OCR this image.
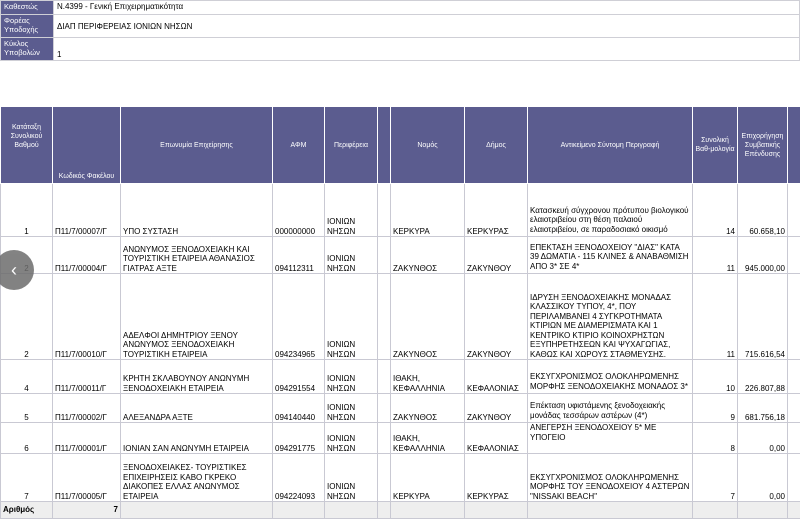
Καθεστώς	Ν.4399 - Γενική Επιχειρηματικότητα
Φορέας Υποδοχής	ΔΙΑΠ ΠΕΡΙΦΕΡΕΙΑΣ ΙΟΝΙΩΝ ΝΗΣΩΝ
Κύκλος Υποβολών	1
Κατάταξη Συνολικού Βαθμού	Κωδικός Φακέλου	Επωνυμία Επιχείρησης	ΑΦΜ	Περιφέρεια		Νομός	Δήμος	Αντικείμενο Σύντομη Περιγραφή	Συνολική Βαθ-μολογία	Επιχορήγηση Συμβατικής Επένδυσης	
1	Π11/7/00007/Γ	ΥΠΟ ΣΥΣΤΑΣΗ	000000000	ΙΟΝΙΩΝ ΝΗΣΩΝ		ΚΕΡΚΥΡΑ	ΚΕΡΚΥΡΑΣ	Κατασκευή σύγχρονου πρότυπου βιολογικού ελαιοτριβείου στη θέση παλαιού ελαιοτριβείου, σε παραδοσιακό οικισμό	14	60.658,10	
	Π11/7/00004/Γ	ΑΝΩΝΥΜΟΣ ΞΕΝΟΔΟΧΕΙΑΚΗ ΚΑΙ ΤΟΥΡΙΣΤΙΚΗ ΕΤΑΙΡΕΙΑ ΑΘΑΝΑΣΙΟΣ ΓΙΑΤΡΑΣ ΑΞΤΕ	094112311	ΙΟΝΙΩΝ ΝΗΣΩΝ		ΖΑΚΥΝΘΟΣ	ΖΑΚΥΝΘΟΥ	ΕΠΕΚΤΑΣΗ ΞΕΝΟΔΟΧΕΙΟΥ "ΔΙΑΣ" ΚΑΤΑ 39 ΔΩΜΑΤΙΑ - 115 ΚΛΙΝΕΣ & ΑΝΑΒΑΘΜΙΣΗ ΑΠΟ 3* ΣΕ 4*	11	945.000,00	
2	Π11/7/00010/Γ	ΑΔΕΛΦΟΙ ΔΗΜΗΤΡΙΟΥ ΞΕΝΟΥ ΑΝΩΝΥΜΟΣ ΞΕΝΟΔΟΧΕΙΑΚΗ ΤΟΥΡΙΣΤΙΚΗ ΕΤΑΙΡΕΙΑ	094234965	ΙΟΝΙΩΝ ΝΗΣΩΝ		ΖΑΚΥΝΘΟΣ	ΖΑΚΥΝΘΟΥ	ΙΔΡΥΣΗ ΞΕΝΟΔΟΧΕΙΑΚΗΣ ΜΟΝΑΔΑΣ ΚΛΑΣΣΙΚΟΥ ΤΥΠΟΥ, 4*, ΠΟΥ ΠΕΡΙΛΑΜΒΑΝΕΙ 4 ΣΥΓΚΡΟΤΗΜΑΤΑ ΚΤΙΡΙΩΝ ΜΕ ΔΙΑΜΕΡΙΣΜΑΤΑ ΚΑΙ 1 ΚΕΝΤΡΙΚΟ ΚΤΙΡΙΟ ΚΟΙΝΟΧΡΗΣΤΩΝ ΕΞΥΠΗΡΕΤΗΣΕΩΝ ΚΑΙ ΨΥΧΑΓΩΓΙΑΣ, ΚΑΘΩΣ ΚΑΙ ΧΩΡΟΥΣ ΣΤΑΘΜΕΥΣΗΣ.	11	715.616,54	
4	Π11/7/00011/Γ	ΚΡΗΤΗ ΣΚΛΑΒΟΥΝΟΥ ΑΝΩΝΥΜΗ ΞΕΝΟΔΟΧΕΙΑΚΗ ΕΤΑΙΡΕΙΑ	094291554	ΙΟΝΙΩΝ ΝΗΣΩΝ		ΙΘΑΚΗ, ΚΕΦΑΛΛΗΝΙΑ	ΚΕΦΑΛΟΝΙΑΣ	ΕΚΣΥΓΧΡΟΝΙΣΜΟΣ ΟΛΟΚΛΗΡΩΜΕΝΗΣ ΜΟΡΦΗΣ ΞΕΝΟΔΟΧΕΙΑΚΗΣ ΜΟΝΑΔΟΣ 3*	10	226.807,88	
5	Π11/7/00002/Γ	ΑΛΕΞΑΝΔΡΑ ΑΞΤΕ	094140440	ΙΟΝΙΩΝ ΝΗΣΩΝ		ΖΑΚΥΝΘΟΣ	ΖΑΚΥΝΘΟΥ	Επέκταση υφιστάμενης ξενοδοχειακής μονάδας τεσσάρων αστέρων (4*)	9	681.756,18	
6	Π11/7/00001/Γ	ΙΟΝΙΑΝ ΣΑΝ ΑΝΩΝΥΜΗ ΕΤΑΙΡΕΙΑ	094291775	ΙΟΝΙΩΝ ΝΗΣΩΝ		ΙΘΑΚΗ, ΚΕΦΑΛΛΗΝΙΑ	ΚΕΦΑΛΟΝΙΑΣ	ΑΝΕΓΕΡΣΗ ΞΕΝΟΔΟΧΕΙΟΥ 5* ΜΕ ΥΠΟΓΕΙΟ	8	0,00	
7	Π11/7/00005/Γ	ΞΕΝΟΔΟΧΕΙΑΚΕΣ- ΤΟΥΡΙΣΤΙΚΕΣ ΕΠΙΧΕΙΡΗΣΕΙΣ ΚΑΒΟ ΓΚΡΕΚΟ ΔΙΑΚΟΠΕΣ ΕΛΛΑΣ ΑΝΩΝΥΜΟΣ ΕΤΑΙΡΕΙΑ	094224093	ΙΟΝΙΩΝ ΝΗΣΩΝ		ΚΕΡΚΥΡΑ	ΚΕΡΚΥΡΑΣ	ΕΚΣΥΓΧΡΟΝΙΣΜΟΣ ΟΛΟΚΛΗΡΩΜΕΝΗΣ ΜΟΡΦΗΣ ΤΟΥ ΞΕΝΟΔΟΧΕΙΟΥ 4 ΑΣΤΕΡΩΝ "NISSAKI BEACH"	7	0,00	
Αριθμός	7										
‹
